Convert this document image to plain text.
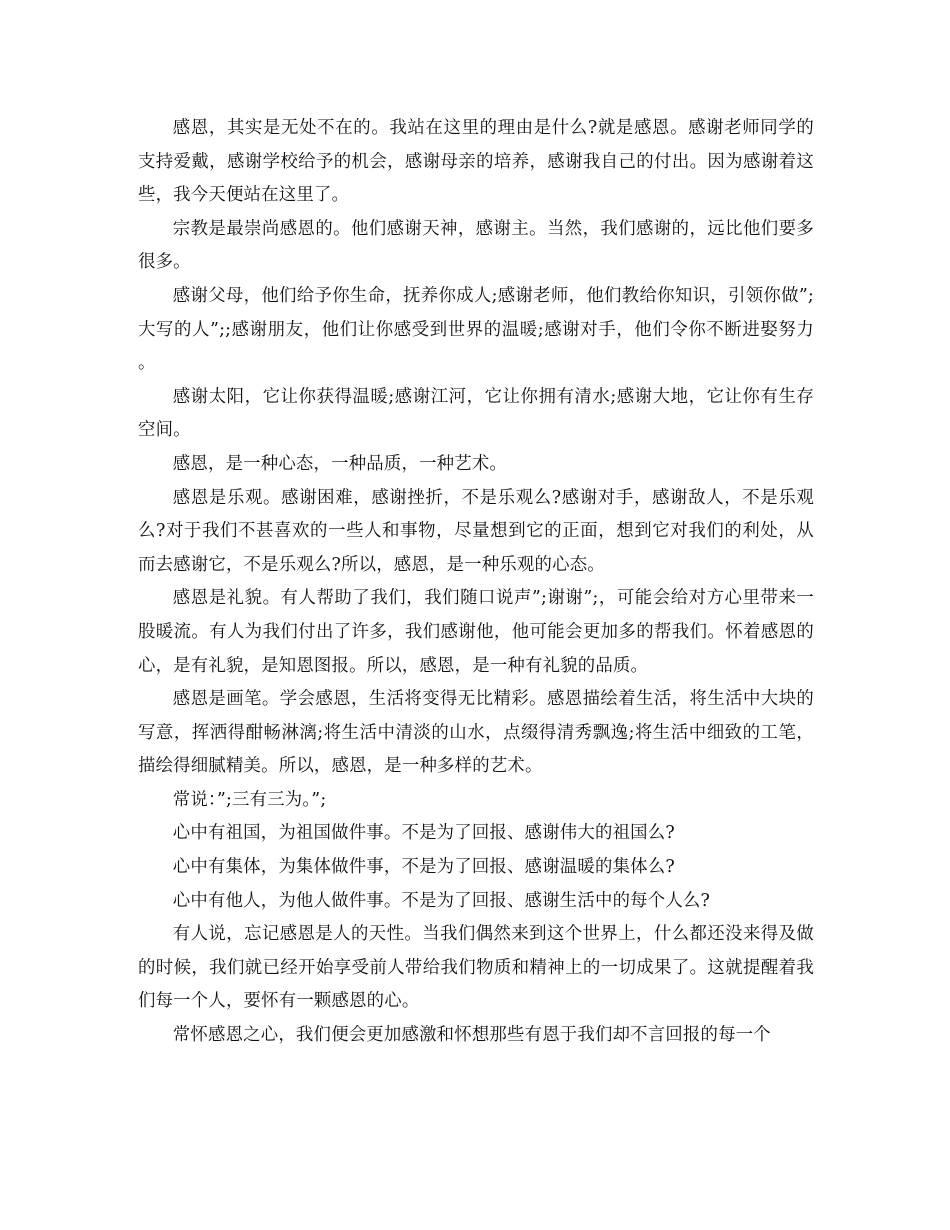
感恩，其实是无处不在的。我站在这里的理由是什么?就是感恩。感谢老师同学的支持爱戴，感谢学校给予的机会，感谢母亲的培养，感谢我自己的付出。因为感谢着这些，我今天便站在这里了。

宗教是最崇尚感恩的。他们感谢天神，感谢主。当然，我们感谢的，远比他们要多很多。

感谢父母，他们给予你生命，抚养你成人;感谢老师，他们教给你知识，引领你做”;大写的人”;;感谢朋友，他们让你感受到世界的温暖;感谢对手，他们令你不断进娶努力。

感谢太阳，它让你获得温暖;感谢江河，它让你拥有清水;感谢大地，它让你有生存空间。

感恩，是一种心态，一种品质，一种艺术。

感恩是乐观。感谢困难，感谢挫折，不是乐观么?感谢对手，感谢敌人，不是乐观么?对于我们不甚喜欢的一些人和事物，尽量想到它的正面，想到它对我们的利处，从而去感谢它，不是乐观么?所以，感恩，是一种乐观的心态。

感恩是礼貌。有人帮助了我们，我们随口说声”;谢谢”;，可能会给对方心里带来一股暖流。有人为我们付出了许多，我们感谢他，他可能会更加多的帮我们。怀着感恩的心，是有礼貌，是知恩图报。所以，感恩，是一种有礼貌的品质。

感恩是画笔。学会感恩，生活将变得无比精彩。感恩描绘着生活，将生活中大块的写意，挥洒得酣畅淋漓;将生活中清淡的山水，点缀得清秀飘逸;将生活中细致的工笔，描绘得细腻精美。所以，感恩，是一种多样的艺术。

常说：”;三有三为。”;

心中有祖国，为祖国做件事。不是为了回报、感谢伟大的祖国么?

心中有集体，为集体做件事，不是为了回报、感谢温暖的集体么?

心中有他人，为他人做件事。不是为了回报、感谢生活中的每个人么?

有人说，忘记感恩是人的天性。当我们偶然来到这个世界上，什么都还没来得及做的时候，我们就已经开始享受前人带给我们物质和精神上的一切成果了。这就提醒着我们每一个人，要怀有一颗感恩的心。

常怀感恩之心，我们便会更加感激和怀想那些有恩于我们却不言回报的每一个
